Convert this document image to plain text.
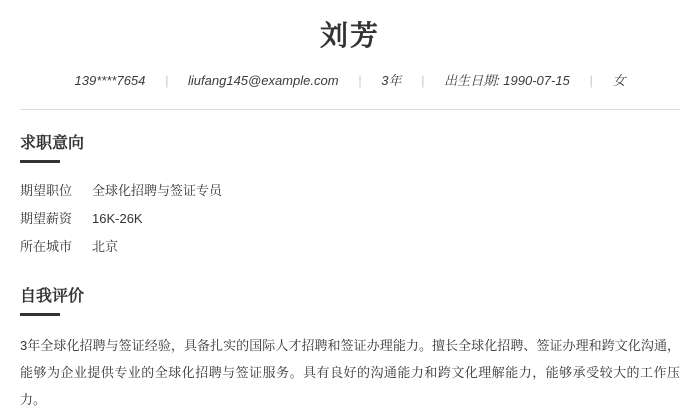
刘芳
139****7654 | liufang145@example.com | 3年 | 出生日期: 1990-07-15 | 女
求职意向
期望职位	全球化招聘与签证专员
期望薪资	16K-26K
所在城市	北京
自我评价

3年全球化招聘与签证经验，具备扎实的国际人才招聘和签证办理能力。擅长全球化招聘、签证办理和跨文化沟通，能够为企业提供专业的全球化招聘与签证服务。具有良好的沟通能力和跨文化理解能力，能够承受较大的工作压力。
